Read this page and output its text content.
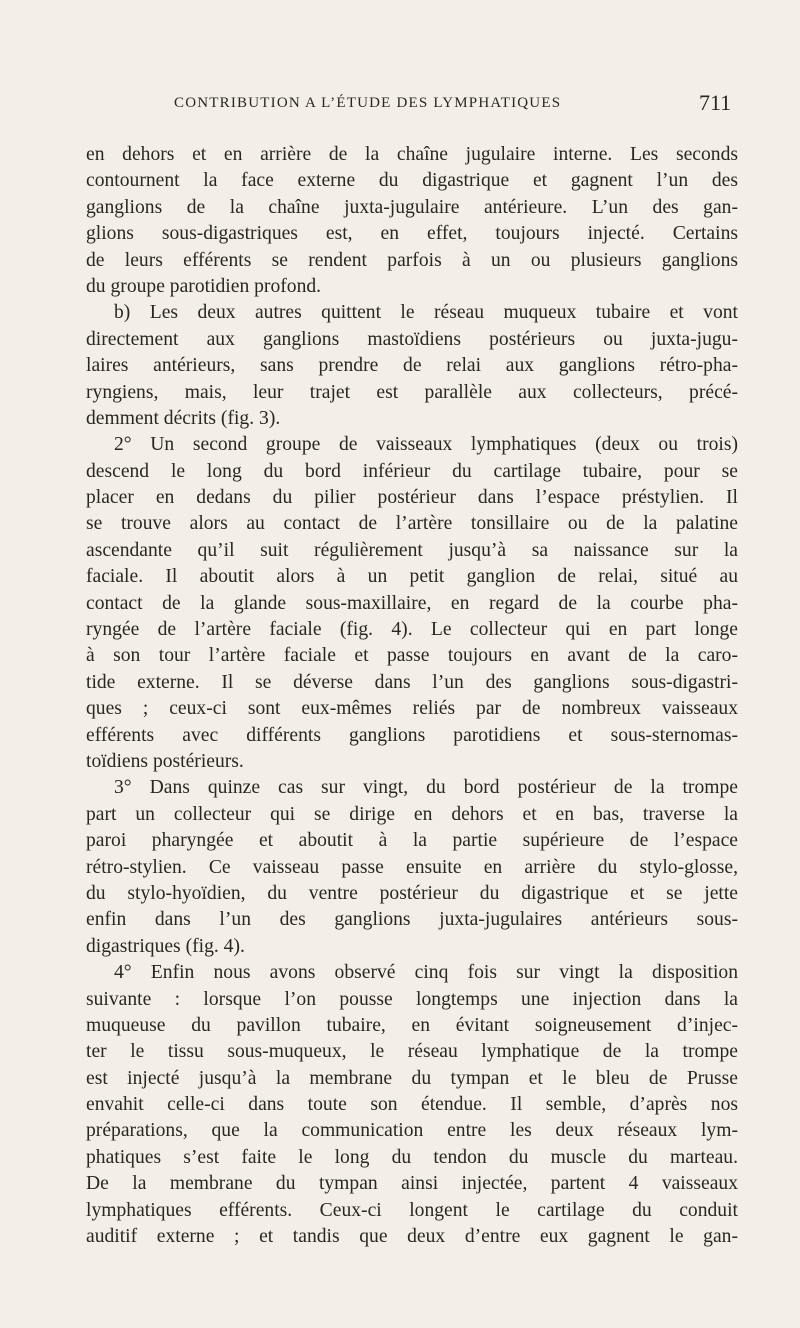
CONTRIBUTION A L’ÉTUDE DES LYMPHATIQUES	711
en dehors et en arrière de la chaîne jugulaire interne. Les seconds
contournent la face externe du digastrique et gagnent l’un des
ganglions de la chaîne juxta-jugulaire antérieure. L’un des gan-
glions sous-digastriques est, en effet, toujours injecté. Certains
de leurs efférents se rendent parfois à un ou plusieurs ganglions
du groupe parotidien profond.
b) Les deux autres quittent le réseau muqueux tubaire et vont
directement aux ganglions mastoïdiens postérieurs ou juxta-jugu-
laires antérieurs, sans prendre de relai aux ganglions rétro-pha-
ryngiens, mais, leur trajet est parallèle aux collecteurs, précé-
demment décrits (fig. 3).
2° Un second groupe de vaisseaux lymphatiques (deux ou trois)
descend le long du bord inférieur du cartilage tubaire, pour se
placer en dedans du pilier postérieur dans l’espace préstylien. Il
se trouve alors au contact de l’artère tonsillaire ou de la palatine
ascendante qu’il suit régulièrement jusqu’à sa naissance sur la
faciale. Il aboutit alors à un petit ganglion de relai, situé au
contact de la glande sous-maxillaire, en regard de la courbe pha-
ryngée de l’artère faciale (fig. 4). Le collecteur qui en part longe
à son tour l’artère faciale et passe toujours en avant de la caro-
tide externe. Il se déverse dans l’un des ganglions sous-digastri-
ques ; ceux-ci sont eux-mêmes reliés par de nombreux vaisseaux
efférents avec différents ganglions parotidiens et sous-sternomas-
toïdiens postérieurs.
3° Dans quinze cas sur vingt, du bord postérieur de la trompe
part un collecteur qui se dirige en dehors et en bas, traverse la
paroi pharyngée et aboutit à la partie supérieure de l’espace
rétro-stylien. Ce vaisseau passe ensuite en arrière du stylo-glosse,
du stylo-hyoïdien, du ventre postérieur du digastrique et se jette
enfin dans l’un des ganglions juxta-jugulaires antérieurs sous-
digastriques (fig. 4).
4° Enfin nous avons observé cinq fois sur vingt la disposition
suivante : lorsque l’on pousse longtemps une injection dans la
muqueuse du pavillon tubaire, en évitant soigneusement d’injec-
ter le tissu sous-muqueux, le réseau lymphatique de la trompe
est injecté jusqu’à la membrane du tympan et le bleu de Prusse
envahit celle-ci dans toute son étendue. Il semble, d’après nos
préparations, que la communication entre les deux réseaux lym-
phatiques s’est faite le long du tendon du muscle du marteau.
De la membrane du tympan ainsi injectée, partent 4 vaisseaux
lymphatiques efférents. Ceux-ci longent le cartilage du conduit
auditif externe ; et tandis que deux d’entre eux gagnent le gan-
